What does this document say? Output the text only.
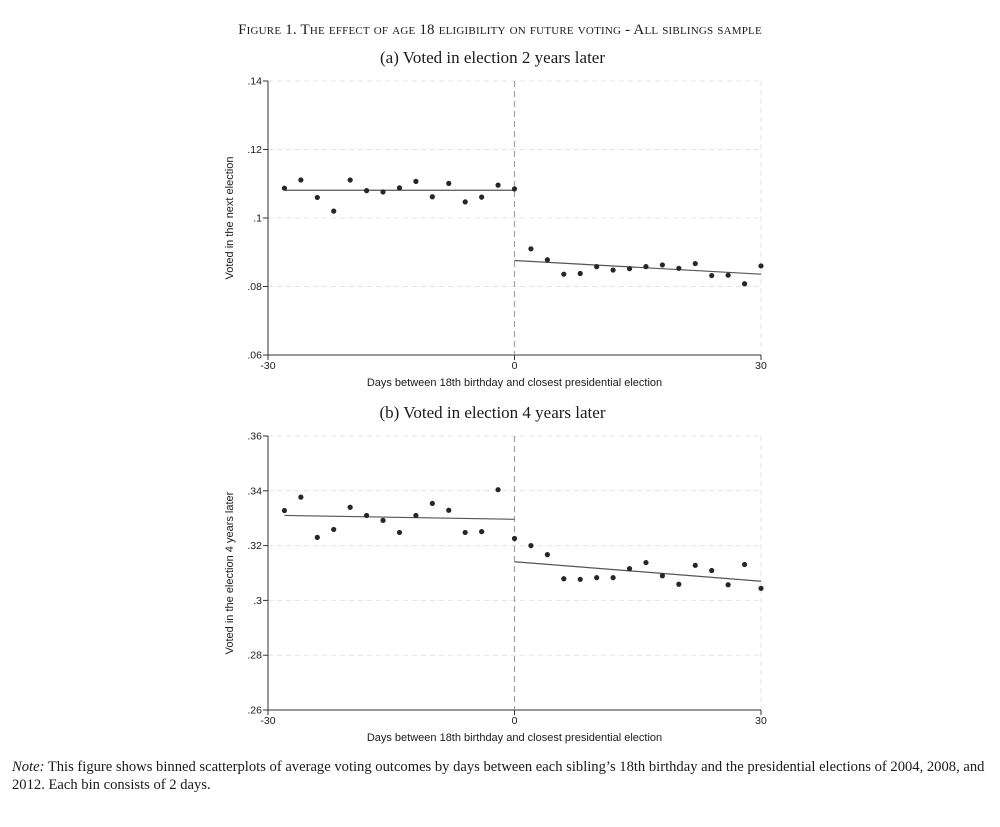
Figure 1. The effect of age 18 eligibility on future voting - All siblings sample
(a) Voted in election 2 years later
.06
.08
.1
.12
.14
-30	0	30
Days between 18th birthday and closest presidential election
Voted in the next election
(b) Voted in election 4 years later
.26
.28
.3
.32
.34
.36
-30	0	30
Days between 18th birthday and closest presidential election
Voted in the election 4 years later
Note: This figure shows binned scatterplots of average voting outcomes by days between each sibling’s 18th birthday and the presidential elections of 2004, 2008, and 2012. Each bin consists of 2 days.
